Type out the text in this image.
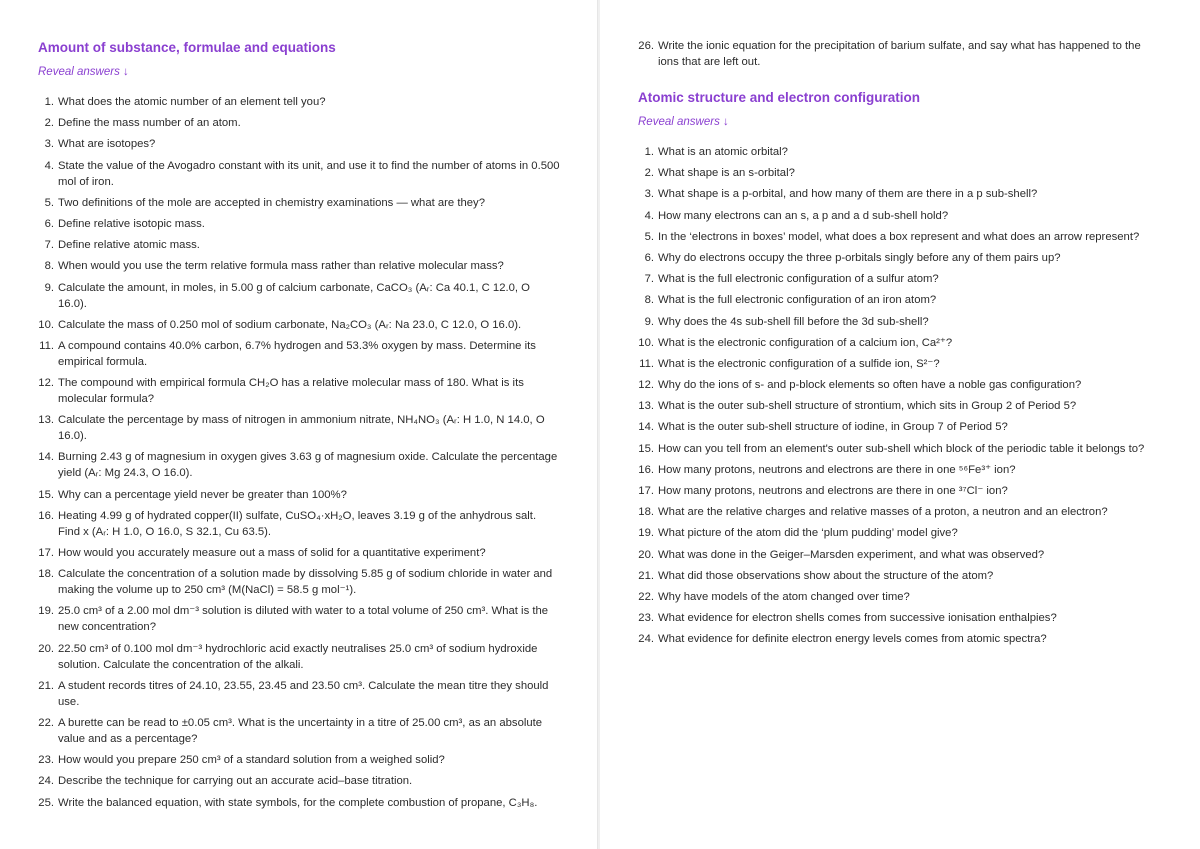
Amount of substance, formulae and equations
Reveal answers ↓
1. What does the atomic number of an element tell you?
2. Define the mass number of an atom.
3. What are isotopes?
4. State the value of the Avogadro constant with its unit, and use it to find the number of atoms in 0.500 mol of iron.
5. Two definitions of the mole are accepted in chemistry examinations — what are they?
6. Define relative isotopic mass.
7. Define relative atomic mass.
8. When would you use the term relative formula mass rather than relative molecular mass?
9. Calculate the amount, in moles, in 5.00 g of calcium carbonate, CaCO₃ (Aᵣ: Ca 40.1, C 12.0, O 16.0).
10. Calculate the mass of 0.250 mol of sodium carbonate, Na₂CO₃ (Aᵣ: Na 23.0, C 12.0, O 16.0).
11. A compound contains 40.0% carbon, 6.7% hydrogen and 53.3% oxygen by mass. Determine its empirical formula.
12. The compound with empirical formula CH₂O has a relative molecular mass of 180. What is its molecular formula?
13. Calculate the percentage by mass of nitrogen in ammonium nitrate, NH₄NO₃ (Aᵣ: H 1.0, N 14.0, O 16.0).
14. Burning 2.43 g of magnesium in oxygen gives 3.63 g of magnesium oxide. Calculate the percentage yield (Aᵣ: Mg 24.3, O 16.0).
15. Why can a percentage yield never be greater than 100%?
16. Heating 4.99 g of hydrated copper(II) sulfate, CuSO₄·xH₂O, leaves 3.19 g of the anhydrous salt. Find x (Aᵣ: H 1.0, O 16.0, S 32.1, Cu 63.5).
17. How would you accurately measure out a mass of solid for a quantitative experiment?
18. Calculate the concentration of a solution made by dissolving 5.85 g of sodium chloride in water and making the volume up to 250 cm³ (M(NaCl) = 58.5 g mol⁻¹).
19. 25.0 cm³ of a 2.00 mol dm⁻³ solution is diluted with water to a total volume of 250 cm³. What is the new concentration?
20. 22.50 cm³ of 0.100 mol dm⁻³ hydrochloric acid exactly neutralises 25.0 cm³ of sodium hydroxide solution. Calculate the concentration of the alkali.
21. A student records titres of 24.10, 23.55, 23.45 and 23.50 cm³. Calculate the mean titre they should use.
22. A burette can be read to ±0.05 cm³. What is the uncertainty in a titre of 25.00 cm³, as an absolute value and as a percentage?
23. How would you prepare 250 cm³ of a standard solution from a weighed solid?
24. Describe the technique for carrying out an accurate acid–base titration.
25. Write the balanced equation, with state symbols, for the complete combustion of propane, C₃H₈.
26. Write the ionic equation for the precipitation of barium sulfate, and say what has happened to the ions that are left out.
Atomic structure and electron configuration
Reveal answers ↓
1. What is an atomic orbital?
2. What shape is an s-orbital?
3. What shape is a p-orbital, and how many of them are there in a p sub-shell?
4. How many electrons can an s, a p and a d sub-shell hold?
5. In the ‘electrons in boxes’ model, what does a box represent and what does an arrow represent?
6. Why do electrons occupy the three p-orbitals singly before any of them pairs up?
7. What is the full electronic configuration of a sulfur atom?
8. What is the full electronic configuration of an iron atom?
9. Why does the 4s sub-shell fill before the 3d sub-shell?
10. What is the electronic configuration of a calcium ion, Ca²⁺?
11. What is the electronic configuration of a sulfide ion, S²⁻?
12. Why do the ions of s- and p-block elements so often have a noble gas configuration?
13. What is the outer sub-shell structure of strontium, which sits in Group 2 of Period 5?
14. What is the outer sub-shell structure of iodine, in Group 7 of Period 5?
15. How can you tell from an element's outer sub-shell which block of the periodic table it belongs to?
16. How many protons, neutrons and electrons are there in one ⁵⁶Fe³⁺ ion?
17. How many protons, neutrons and electrons are there in one ³⁷Cl⁻ ion?
18. What are the relative charges and relative masses of a proton, a neutron and an electron?
19. What picture of the atom did the ‘plum pudding’ model give?
20. What was done in the Geiger–Marsden experiment, and what was observed?
21. What did those observations show about the structure of the atom?
22. Why have models of the atom changed over time?
23. What evidence for electron shells comes from successive ionisation enthalpies?
24. What evidence for definite electron energy levels comes from atomic spectra?
